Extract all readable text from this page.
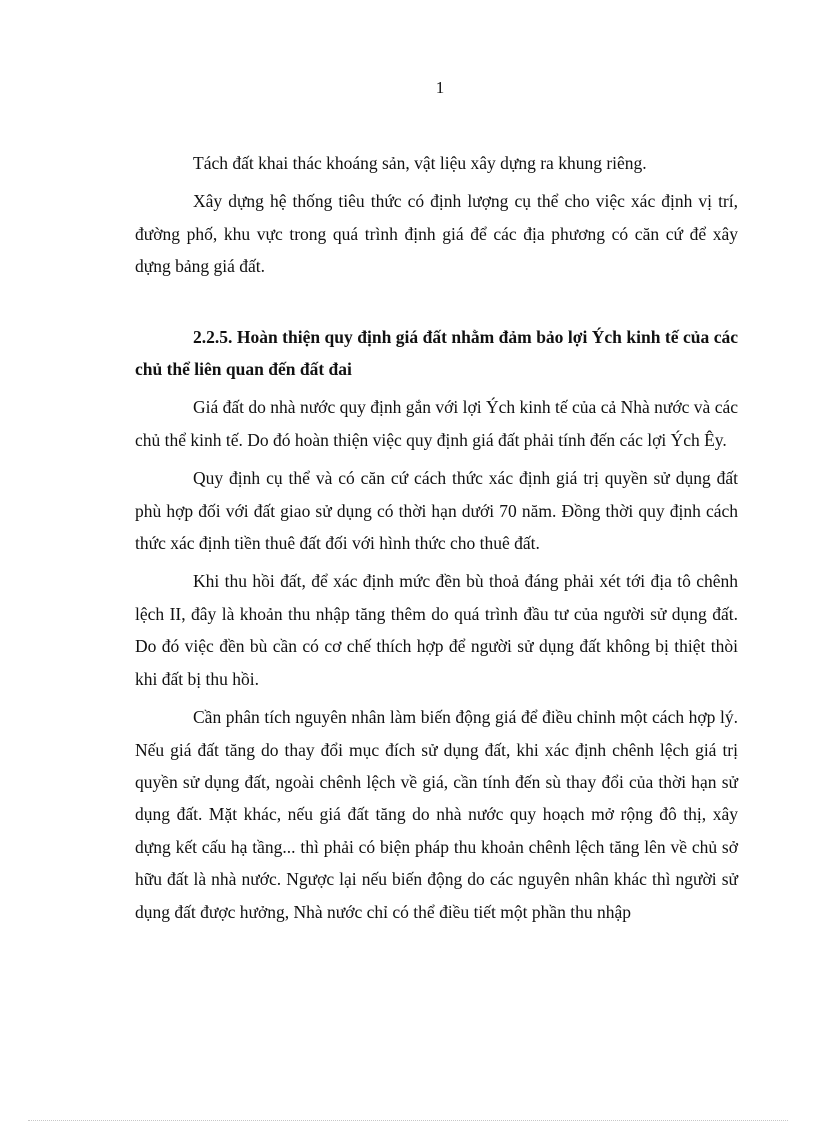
1

Tách đất khai thác khoáng sản, vật liệu xây dựng ra khung riêng.

Xây dựng hệ thống tiêu thức có định lượng cụ thể cho việc xác định vị trí, đường phố, khu vực trong quá trình định giá để các địa phương có căn cứ để xây dựng bảng giá đất.

2.2.5. Hoàn thiện quy định giá đất nhằm đảm bảo lợi Ých kinh tế của các chủ thể liên quan đến đất đai

Giá đất do nhà nước quy định gắn với lợi Ých kinh tế của cả Nhà nước và các chủ thể kinh tế. Do đó hoàn thiện việc quy định giá đất phải tính đến các lợi Ých Êy.

Quy định cụ thể và có căn cứ cách thức xác định giá trị quyền sử dụng đất phù hợp đối với đất giao sử dụng có thời hạn dưới 70 năm. Đồng thời quy định cách thức xác định tiền thuê đất đối với hình thức cho thuê đất.

Khi thu hồi đất, để xác định mức đền bù thoả đáng phải xét tới địa tô chênh lệch II, đây là khoản thu nhập tăng thêm do quá trình đầu tư của người sử dụng đất. Do đó việc đền bù cần có cơ chế thích hợp để người sử dụng đất không bị thiệt thòi khi đất bị thu hồi.

Cần phân tích nguyên nhân làm biến động giá để điều chỉnh một cách hợp lý. Nếu giá đất tăng do thay đổi mục đích sử dụng đất, khi xác định chênh lệch giá trị quyền sử dụng đất, ngoài chênh lệch về giá, cần tính đến sù thay đổi của thời hạn sử dụng đất. Mặt khác, nếu giá đất tăng do nhà nước quy hoạch mở rộng đô thị, xây dựng kết cấu hạ tầng... thì phải có biện pháp thu khoản chênh lệch tăng lên về chủ sở hữu đất là nhà nước. Ngược lại nếu biến động do các nguyên nhân khác thì người sử dụng đất được hưởng, Nhà nước chỉ có thể điều tiết một phần thu nhập
